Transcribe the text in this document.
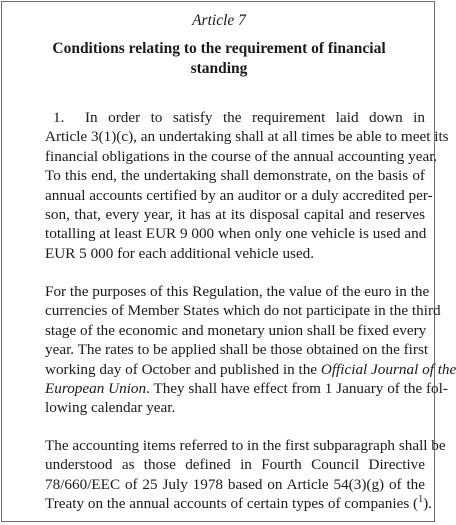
Article 7
Conditions relating to the requirement of financial
standing
1. In order to satisfy the requirement laid down in
Article 3(1)(c), an undertaking shall at all times be able to meet its
financial obligations in the course of the annual accounting year.
To this end, the undertaking shall demonstrate, on the basis of
annual accounts certified by an auditor or a duly accredited per-
son, that, every year, it has at its disposal capital and reserves
totalling at least EUR 9 000 when only one vehicle is used and
EUR 5 000 for each additional vehicle used.
For the purposes of this Regulation, the value of the euro in the
currencies of Member States which do not participate in the third
stage of the economic and monetary union shall be fixed every
year. The rates to be applied shall be those obtained on the first
working day of October and published in the Official Journal of the
European Union. They shall have effect from 1 January of the fol-
lowing calendar year.
The accounting items referred to in the first subparagraph shall be
understood as those defined in Fourth Council Directive
78/660/EEC of 25 July 1978 based on Article 54(3)(g) of the
Treaty on the annual accounts of certain types of companies ($^1$).
